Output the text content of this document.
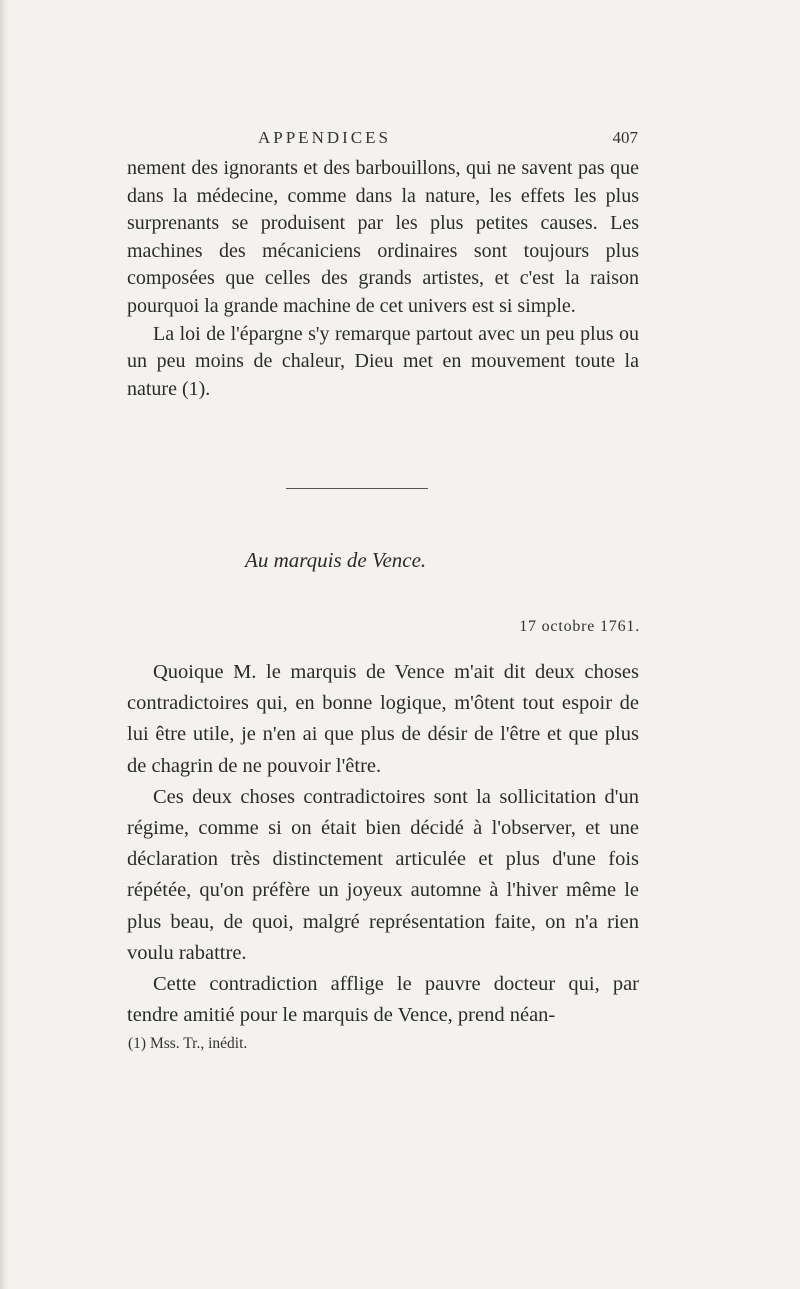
APPENDICES	407

nement des ignorants et des barbouillons, qui ne savent pas que dans la médecine, comme dans la nature, les effets les plus surprenants se produisent par les plus petites causes. Les machines des mécaniciens ordinaires sont toujours plus composées que celles des grands artistes, et c'est la raison pourquoi la grande machine de cet univers est si simple.

La loi de l'épargne s'y remarque partout avec un peu plus ou un peu moins de chaleur, Dieu met en mouvement toute la nature (1).

Au marquis de Vence.
17 octobre 1761.

Quoique M. le marquis de Vence m'ait dit deux choses contradictoires qui, en bonne logique, m'ôtent tout espoir de lui être utile, je n'en ai que plus de désir de l'être et que plus de chagrin de ne pouvoir l'être.

Ces deux choses contradictoires sont la sollicitation d'un régime, comme si on était bien décidé à l'observer, et une déclaration très distinctement articulée et plus d'une fois répétée, qu'on préfère un joyeux automne à l'hiver même le plus beau, de quoi, malgré représentation faite, on n'a rien voulu rabattre.

Cette contradiction afflige le pauvre docteur qui, par tendre amitié pour le marquis de Vence, prend néan-

(1) Mss. Tr., inédit.
